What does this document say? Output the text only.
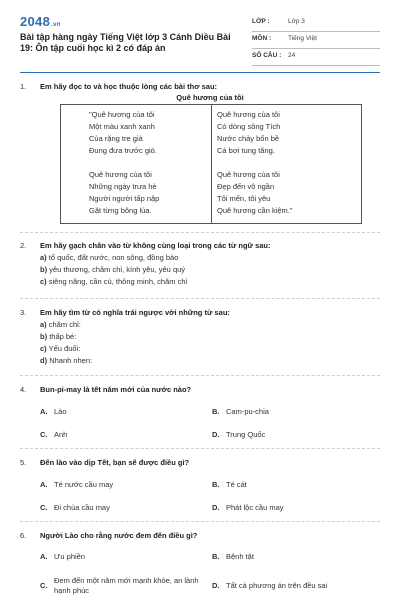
2048.vn
Bài tập hàng ngày Tiếng Việt lớp 3 Cánh Diều Bài 19: Ôn tập cuối học kì 2 có đáp án
LỚP :	Lớp 3
MÔN :	Tiếng Việt
SỐ CÂU : 24
1. Em hãy đọc to và học thuộc lòng các bài thơ sau:
Quê hương của tôi
"Quê hương của tôi
Một màu xanh xanh
Của rặng tre già
Đung đưa trước gió.

Quê hương của tôi
Những ngày trưa hè
Người người tấp nập
Gặt từng bông lúa.
Quê hương của tôi
Có dòng sông Tích
Nước chảy bốn bề
Cá bơi tung tăng.

Quê hương của tôi
Đẹp đến vô ngần
Tôi mến, tôi yêu
Quê hương cần kiệm."
2. Em hãy gạch chân vào từ không cùng loại trong các từ ngữ sau:
a) tổ quốc, đất nước, non sông, đồng bào
b) yêu thương, chăm chỉ, kính yêu, yêu quý
c) siêng năng, cần cù, thông minh, chăm chỉ
3. Em hãy tìm từ có nghĩa trái ngược với những từ sau:
a) chăm chỉ:
b) thấp bé:
c) Yếu đuối:
d) Nhanh nhẹn:
4. Bun-pi-may là tết năm mới của nước nào?
A. Lào	B. Cam-pu-chia
C. Anh	D. Trung Quốc
5. Đến lào vào dịp Tết, bạn sẽ được điều gì?
A. Té nước cầu may	B. Té cát
C. Đi chùa cầu may	D. Phát lộc cầu may
6. Người Lào cho rằng nước đem đến điều gì?
A. Ưu phiền	B. Bệnh tật
C.
Đem đến một năm mới mạnh khỏe, an lành hạnh phúc
D. Tất cả phương án trên đều sai
